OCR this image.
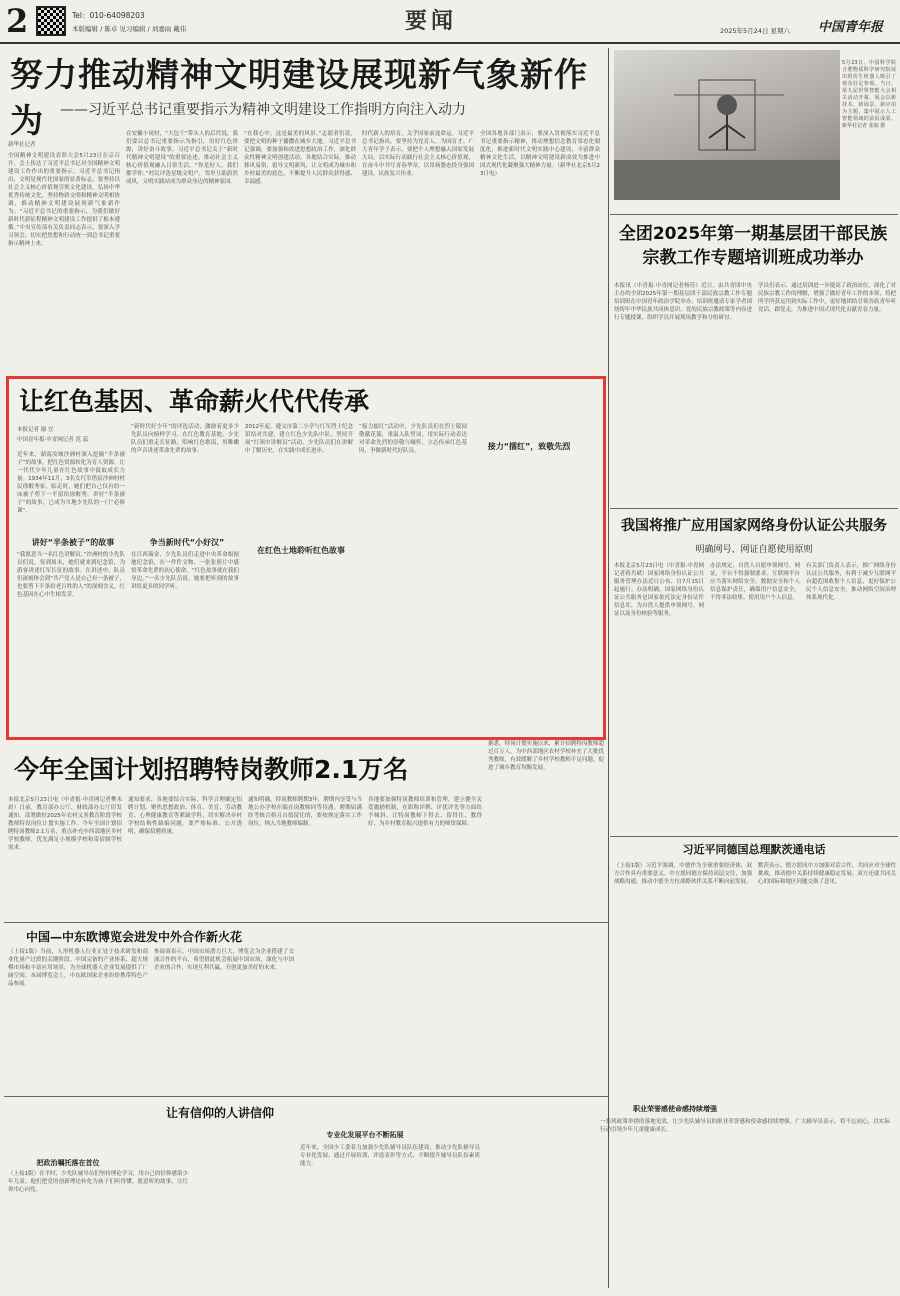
2	Tel：010-64098203
本版编辑 / 陈卓 见习编辑 / 刘嘉雨 戴伟	要闻	2025年5月24日 星期六	中国青年报
努力推动精神文明建设展现新气象新作为	——习近平总书记重要指示为精神文明建设工作指明方向注入动力
新华社记者
全国精神文明建设表彰大会5月23日在京召开，会上传达了习近平总书记对全国精神文明建设工作作出的重要指示。习近平总书记指出，文明是现代化国家的显著标志。要坚持以社会主义核心价值观引领文化建设，弘扬中华优秀传统文化，坚持物质文明和精神文明相协调，推动精神文明建设展现新气象新作为。“习近平总书记的重要指示，为我们做好新时代新征程精神文明建设工作提供了根本遵循。”中央宣传部有关负责同志表示，要深入学习领会，切实把思想和行动统一到总书记重要指示精神上来。
在安徽小岗村，“大包干”带头人的后代说，我们要以总书记重要指示为指引，用好红色资源，讲好奋斗故事。习近平总书记关于“新时代精神文明建设”的重要论述，推动社会主义核心价值观融入日常生活。“你是好人，我们都学你。”村民评选星级文明户，邻里互助蔚然成风，文明实践站成为群众身边的精神家园。
“在我心中，这是最美的风景。”志愿者们说，要把文明的种子播撒在城乡大地。习近平总书记强调，要加强和改进思想政治工作，深化群众性精神文明创建活动。各地结合实际，推动移风易俗，倡导文明新风，让文明成为城市和乡村最美的底色，不断提升人民群众获得感、幸福感。
时代新人的培育，关乎国家前途命运。习近平总书记指出，要坚持为党育人、为国育才。广大青年学子表示，要把个人理想融入国家发展大局，以实际行动践行社会主义核心价值观，在奋斗中书写青春华章，以昂扬姿态投身强国建设、民族复兴伟业。
全国各地各部门表示，要深入贯彻落实习近平总书记重要指示精神，推动理想信念教育常态化制度化，推进新时代文明实践中心建设，丰富群众精神文化生活，以精神文明建设新成效为推进中国式现代化凝聚强大精神力量。（新华社北京5月23日电）
5月23日，中国科学院合肥物质科学研究院展出的仿生机器人吸引了观众驻足参观。当日，第九届世界智能大会相关活动开幕，展会以新技术、新场景、新应用为主题，集中展示人工智能领域的前沿成果。新华社记者 张端 摄
全团2025年第一期基层团干部民族宗教工作专题培训班成功举办
本报讯（中青报·中青网记者杨佳）近日，由共青团中央主办的全团2025年第一期基层团干部民族宗教工作专题培训班在中国青年政治学院举办。培训班邀请专家学者围绕铸牢中华民族共同体意识、党的民族宗教政策等内容进行专题授课，组织学员开展现场教学和分组研讨。
学员们表示，通过培训进一步提高了政治站位，深化了对民族宗教工作的理解，增强了做好青年工作的本领，将把所学所获运用到实际工作中，更好地团结引领各族青年听党话、跟党走，为推进中国式现代化贡献青春力量。
我国将推广应用国家网络身份认证公共服务
明确网号、网证自愿使用原则
本报北京5月23日电（中青报·中青网记者蒋肖斌）国家网络身份认证公共服务管理办法近日公布，自7月15日起施行。办法明确，国家网络身份认证公共服务是国家依托法定身份证件信息库，为自然人提供申领网号、网证以及身份核验等服务。
办法规定，自然人自愿申领网号、网证，平台不得强制要求。互联网平台应当落实网络安全、数据安全和个人信息保护责任，确保用户信息安全，不得非法收集、使用用户个人信息。
有关部门负责人表示，推广网络身份认证公共服务，有利于减少互联网平台超范围收集个人信息，更好保护公民个人信息安全，推动网络空间治理体系现代化。
习近平同德国总理默茨通电话
（上接1版）习近平强调，中德作为全球重要经济体，双方合作具有重要意义。中方愿同德方保持高层交往，加强战略沟通，推动中德全方位战略伙伴关系不断向前发展。
默茨表示，德方愿同中方加强对话合作，共同应对全球性挑战，推动德中关系持续健康稳定发展。双方还就共同关心的国际和地区问题交换了意见。
让红色基因、革命薪火代代传承
本报记者 谢 宜
中国青年报·中青网记者 范 蕊
讲好“半条被子”的故事	争当新时代“小好汉”
在红色土地聆听红色故事
接力“擂红”，致敬先烈
近年来，湖南汝城沙洲村深入挖掘“半条被子”的故事，把红色资源转化为育人资源，让一代代少年儿童在红色故事中汲取成长力量。1934年11月，3名女红军借宿沙洲村村民徐解秀家，临走时，她们把自己仅有的一床被子剪下一半留给徐解秀。讲好“半条被子”的故事，已成为当地少先队的一门“必修课”。
“我愿意当一名红色讲解员。”沙洲村的少先队员们说，每到周末，她们就来到纪念馆，为游客讲述红军长征的故事。在讲述中，队员们深刻体会到“共产党人是自己有一条被子，也要剪下半条给老百姓的人”的深刻含义，红色基因在心中生根发芽。
“新时代好少年”的评选活动，激励着更多少先队员向榜样学习。在红色教育基地，少先队员们重走长征路，唱响红色歌谣，用稚嫩的声音讲述革命先辈的故事。
在江西瑞金，少先队员们走进中央革命根据地纪念馆，在一件件文物、一张张照片中感悟革命先辈的初心使命。“红色故事就在我们身边。”一名少先队员说，她要把听到的故事讲给更多的同学听。
2012年起，遵义市第二小学与红军烈士纪念馆结对共建，建立红色少先队中队，坚持开展“红领巾讲解员”活动。少先队员们在讲解中了解历史，在实践中成长进步。
“接力擂红”活动中，少先队员们在烈士陵园敬献花篮，重温入队誓词，用实际行动表达对革命先烈的崇敬与缅怀，立志传承红色基因，争做新时代好队员。
今年全国计划招聘特岗教师2.1万名
本报北京5月23日电（中青报·中青网记者樊未晨）日前，教育部办公厅、财政部办公厅印发通知，部署做好2025年农村义务教育阶段学校教师特设岗位计划实施工作。今年全国计划招聘特岗教师2.1万名，重点补充中西部地区乡村学校教师，优先满足小规模学校和寄宿制学校需求。
通知要求，各地要结合实际，科学合理确定招聘计划，聚焦思想政治、体育、美育、劳动教育、心理健康教育等紧缺学科，切实解决乡村学校结构性缺编问题。要严格标准，公开透明，确保招聘质量。
通知明确，特岗教师聘期3年，聘期内享受与当地公办学校在编在岗教师同等待遇。聘期届满经考核合格且自愿留任的，要按规定落实工作岗位，纳入当地教师编制。
各地要加强特岗教师培训和管理，建立健全关爱激励机制，在职称评聘、评优评先等方面给予倾斜，让特岗教师下得去、留得住、教得好，为乡村教育振兴提供有力的师资保障。
据悉，特岗计划实施以来，累计招聘特岗教师超过百万人，为中西部地区农村学校补充了大批优秀教师，有效缓解了乡村学校教师不足问题，促进了城乡教育均衡发展。
中国—中东欧博览会进发中外合作新火花
（上接1版）当前，人形机器人行业正处于技术研发和商业化量产过渡的关键阶段。中国完备的产业体系、超大规模市场和丰富应用场景，为全球机器人企业发展提供了广阔空间。本届博览会上，中东欧国家企业纷纷携带特色产品参展。
参展商表示，中国市场潜力巨大，博览会为企业搭建了交流合作的平台，希望借此机会拓展中国市场，深化与中国企业的合作，实现互利共赢，开创更加美好的未来。
让有信仰的人讲信仰
把政治嘱托落在首位
专业化发展平台不断拓展
职业荣誉感使命感持续增强
（上接1版）在平时，少先队辅导员们坚持理论学习，用自己的信仰感染少年儿童。他们把党的创新理论转化为孩子们听得懂、愿意听的故事，让红领巾心向党。
近年来，全国少工委着力加强少先队辅导员队伍建设，推动少先队辅导员专业化发展。通过开展培训、评选表彰等方式，不断提升辅导员队伍素质能力。
一系列政策举措的落地见效，让少先队辅导员的职业荣誉感和使命感持续增强。广大辅导员表示，将不忘初心，以实际行动引领少年儿童健康成长。
